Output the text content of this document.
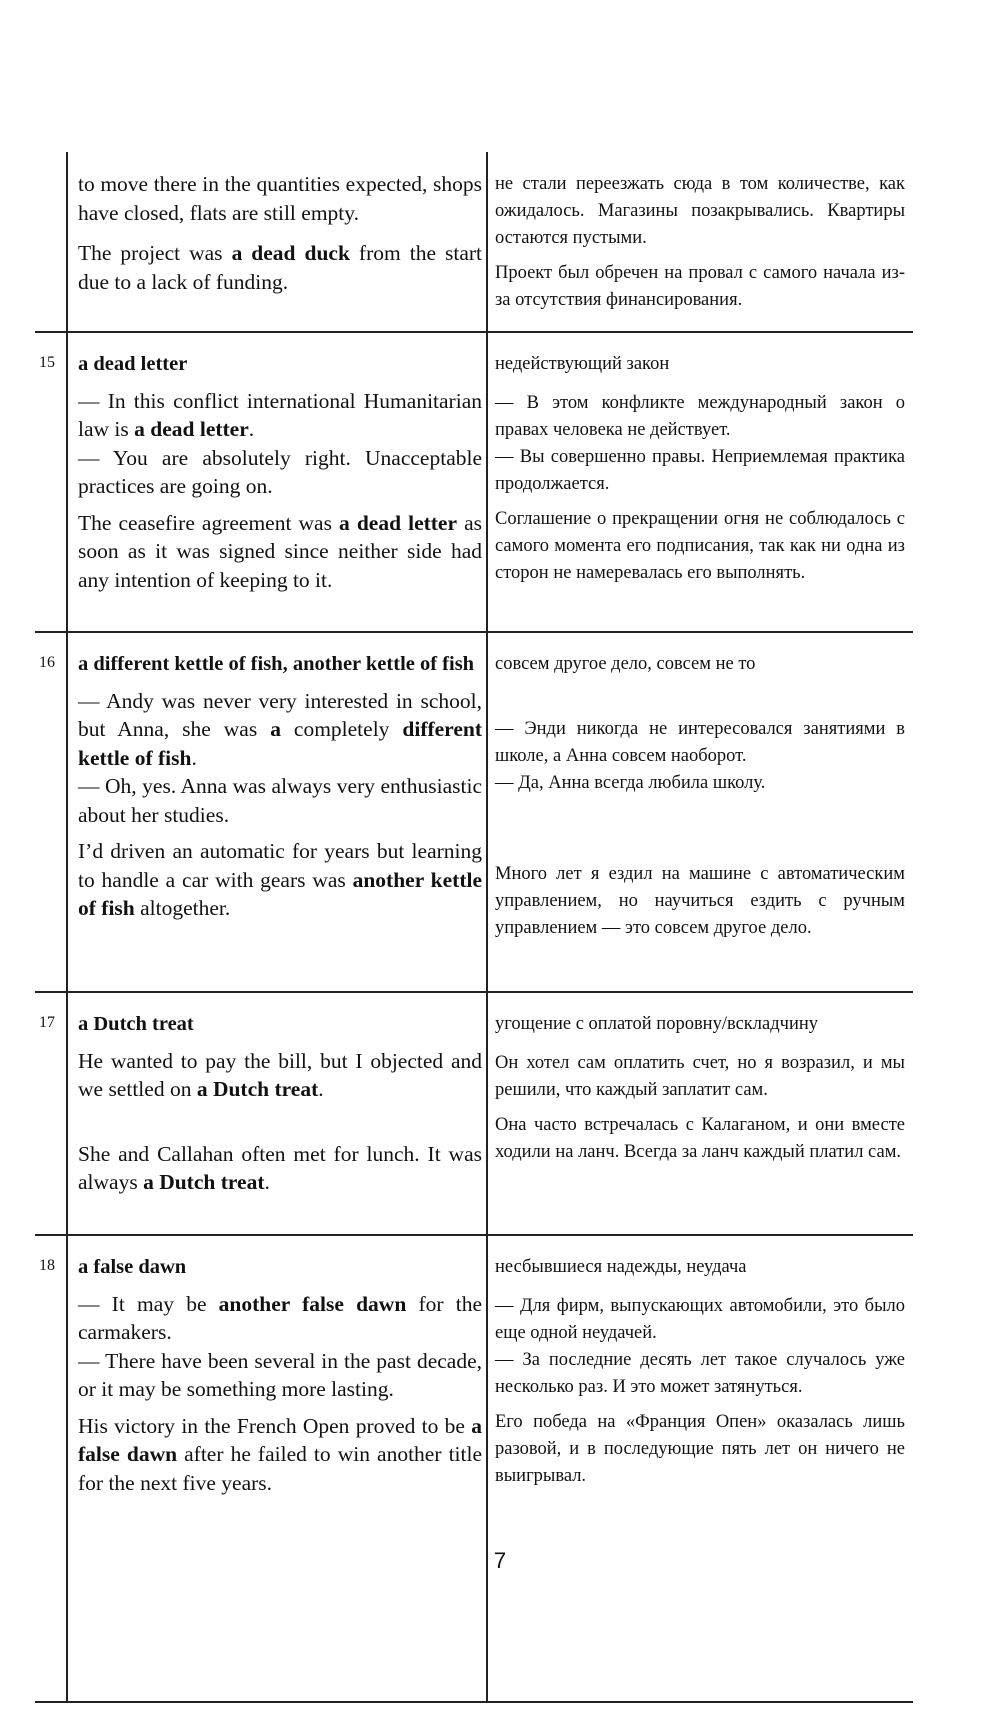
to move there in the quantities expected, shops have closed, flats are still empty.

The project was a dead duck from the start due to a lack of funding.

не стали переезжать сюда в том количестве, как ожидалось. Магазины позакрывались. Квартиры остаются пустыми.

Проект был обречен на провал с самого начала из-за отсутствия финансирования.

15 a dead letter

— In this conflict international Humanitarian law is a dead letter.

— You are absolutely right. Unacceptable practices are going on.

The ceasefire agreement was a dead letter as soon as it was signed since neither side had any intention of keeping to it.

недействующий закон

— В этом конфликте международный закон о правах человека не действует.

— Вы совершенно правы. Неприемлемая практика продолжается.

Соглашение о прекращении огня не соблюдалось с самого момента его подписания, так как ни одна из сторон не намеревалась его выполнять.

16 a different kettle of fish, another kettle of fish

— Andy was never very interested in school, but Anna, she was a completely different kettle of fish.

— Oh, yes. Anna was always very enthusiastic about her studies.

I’d driven an automatic for years but learning to handle a car with gears was another kettle of fish altogether.

совсем другое дело, совсем не то

— Энди никогда не интересовался занятиями в школе, а Анна совсем наоборот.

— Да, Анна всегда любила школу.

Много лет я ездил на машине с автоматическим управлением, но научиться ездить с ручным управлением — это совсем другое дело.

17 a Dutch treat

He wanted to pay the bill, but I objected and we settled on a Dutch treat.

She and Callahan often met for lunch. It was always a Dutch treat.

угощение с оплатой поровну/вскладчину

Он хотел сам оплатить счет, но я возразил, и мы решили, что каждый заплатит сам.

Она часто встречалась с Калаганом, и они вместе ходили на ланч. Всегда за ланч каждый платил сам.

18 a false dawn

— It may be another false dawn for the carmakers.

— There have been several in the past decade, or it may be something more lasting.

His victory in the French Open proved to be a false dawn after he failed to win another title for the next five years.

несбывшиеся надежды, неудача

— Для фирм, выпускающих автомобили, это было еще одной неудачей.

— За последние десять лет такое случалось уже несколько раз. И это может затянуться.

Его победа на «Франция Опен» оказалась лишь разовой, и в последующие пять лет он ничего не выигрывал.

7
